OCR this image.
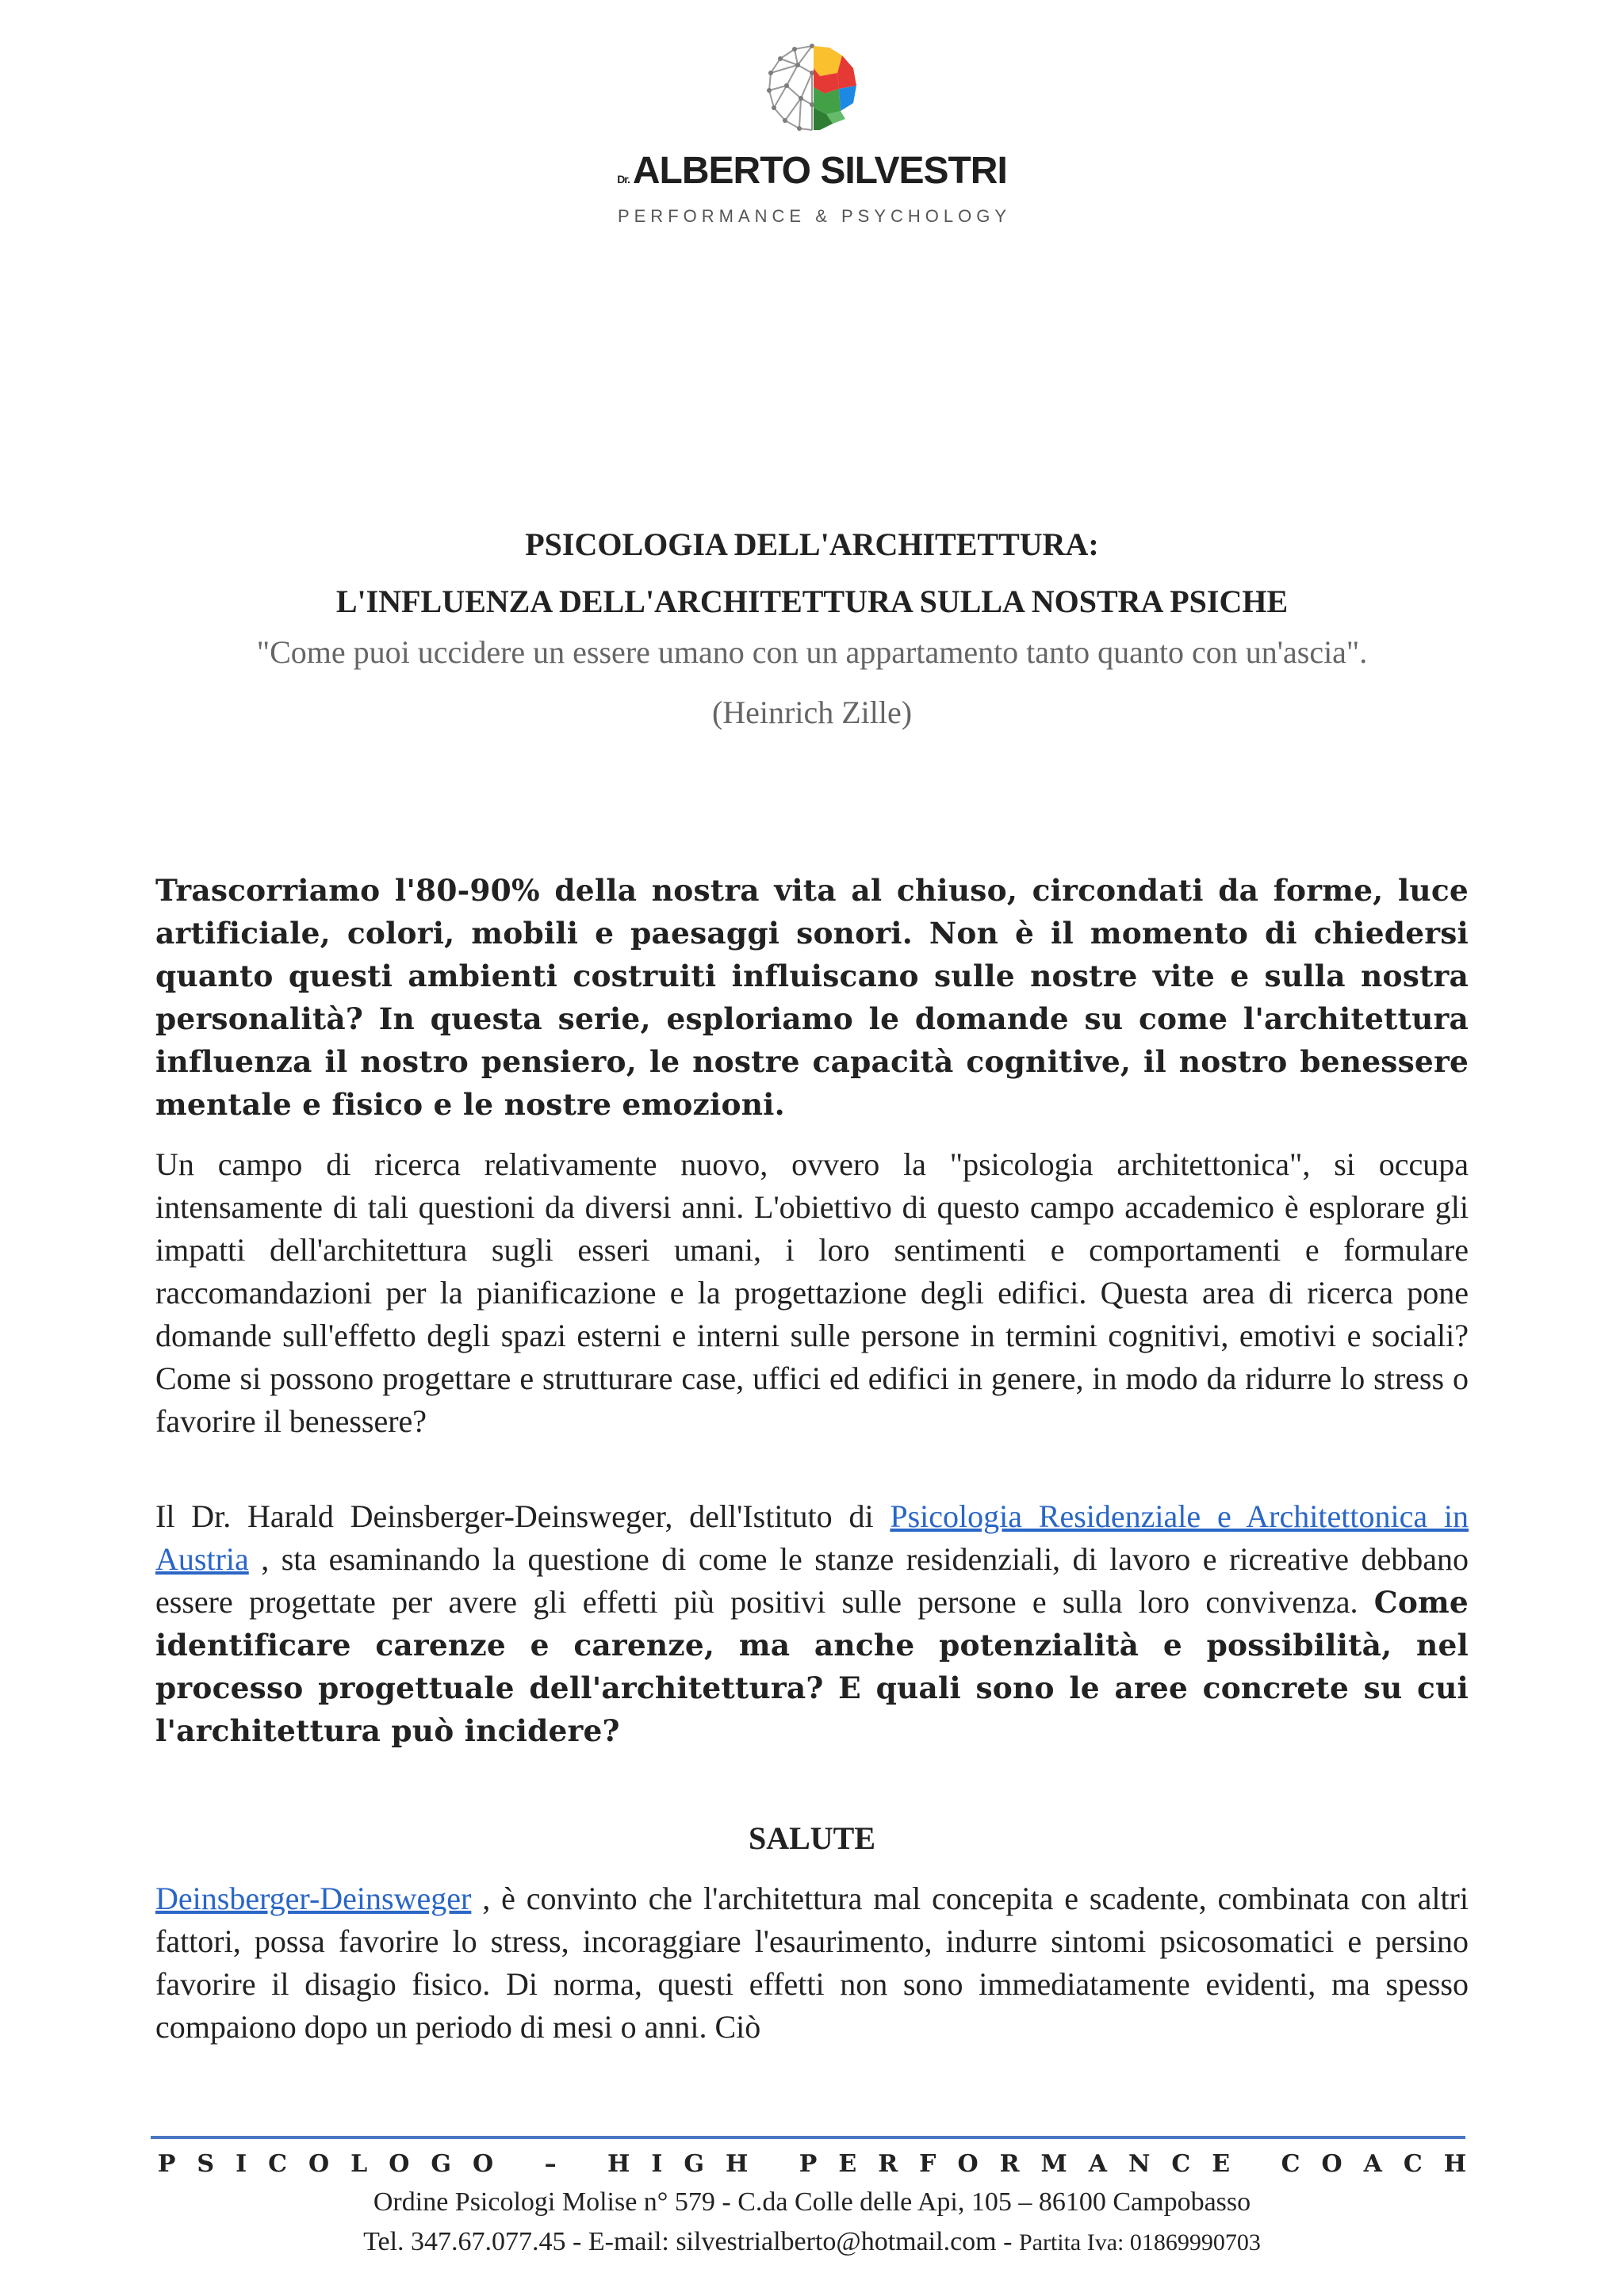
Dr.ALBERTO SILVESTRI
PERFORMANCE & PSYCHOLOGY
PSICOLOGIA DELL'ARCHITETTURA:
L'INFLUENZA DELL'ARCHITETTURA SULLA NOSTRA PSICHE
"Come puoi uccidere un essere umano con un appartamento tanto quanto con un'ascia".
(Heinrich Zille)

Trascorriamo l'80-90% della nostra vita al chiuso, circondati da forme, luce artificiale, colori, mobili e paesaggi sonori. Non è il momento di chiedersi quanto questi ambienti costruiti influiscano sulle nostre vite e sulla nostra personalità? In questa serie, esploriamo le domande su come l'architettura influenza il nostro pensiero, le nostre capacità cognitive, il nostro benessere mentale e fisico e le nostre emozioni.

Un campo di ricerca relativamente nuovo, ovvero la "psicologia architettonica", si occupa intensamente di tali questioni da diversi anni. L'obiettivo di questo campo accademico è esplorare gli impatti dell'architettura sugli esseri umani, i loro sentimenti e comportamenti e formulare raccomandazioni per la pianificazione e la progettazione degli edifici. Questa area di ricerca pone domande sull'effetto degli spazi esterni e interni sulle persone in termini cognitivi, emotivi e sociali? Come si possono progettare e strutturare case, uffici ed edifici in genere, in modo da ridurre lo stress o favorire il benessere?

Il Dr. Harald Deinsberger-Deinsweger, dell'Istituto di Psicologia Residenziale e Architettonica in Austria , sta esaminando la questione di come le stanze residenziali, di lavoro e ricreative debbano essere progettate per avere gli effetti più positivi sulle persone e sulla loro convivenza. Come identificare carenze e carenze, ma anche potenzialità e possibilità, nel processo progettuale dell'architettura? E quali sono le aree concrete su cui l'architettura può incidere?

SALUTE

Deinsberger-Deinsweger , è convinto che l'architettura mal concepita e scadente, combinata con altri fattori, possa favorire lo stress, incoraggiare l'esaurimento, indurre sintomi psicosomatici e persino favorire il disagio fisico. Di norma, questi effetti non sono immediatamente evidenti, ma spesso compaiono dopo un periodo di mesi o anni. Ciò

PSICOLOGO – HIGH PERFORMANCE COACH
Ordine Psicologi Molise n° 579 - C.da Colle delle Api, 105 – 86100 Campobasso
Tel. 347.67.077.45 - E-mail: silvestrialberto@hotmail.com - Partita Iva: 01869990703
